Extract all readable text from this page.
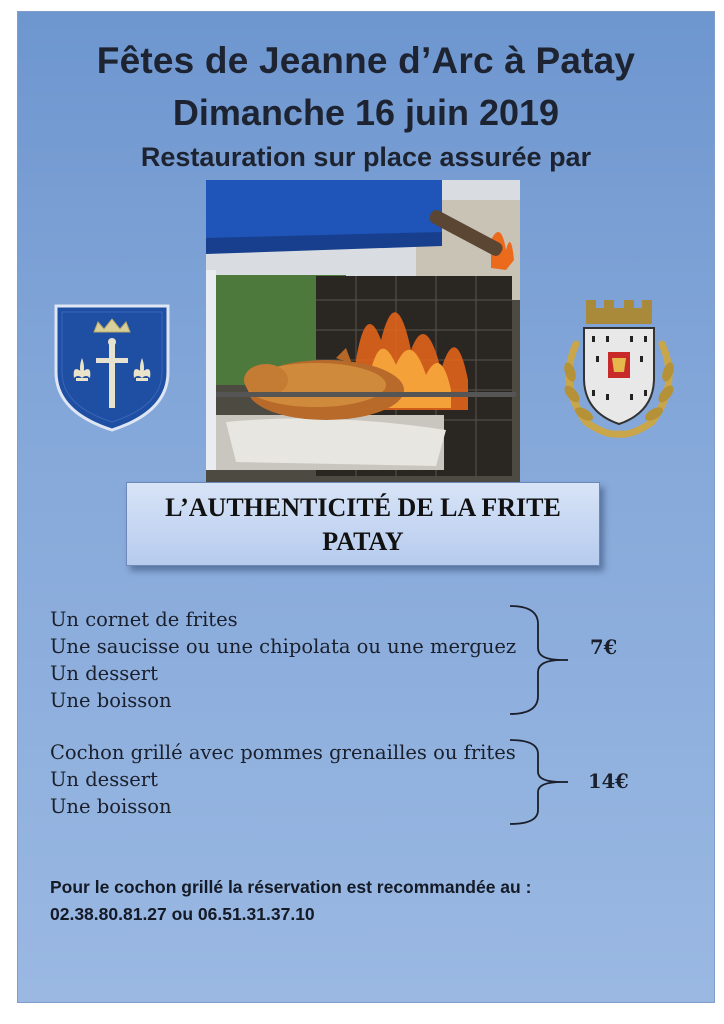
Fêtes de Jeanne d’Arc à Patay
Dimanche 16 juin 2019
Restauration sur place assurée par
L’AUTHENTICITÉ DE LA FRITE
PATAY
Un cornet de frites
Une saucisse ou une chipolata ou une merguez
Un dessert
Une boisson
7€
Cochon grillé avec pommes grenailles ou frites
Un dessert
Une boisson
14€
Pour le cochon grillé la réservation est recommandée au :
02.38.80.81.27 ou 06.51.31.37.10
